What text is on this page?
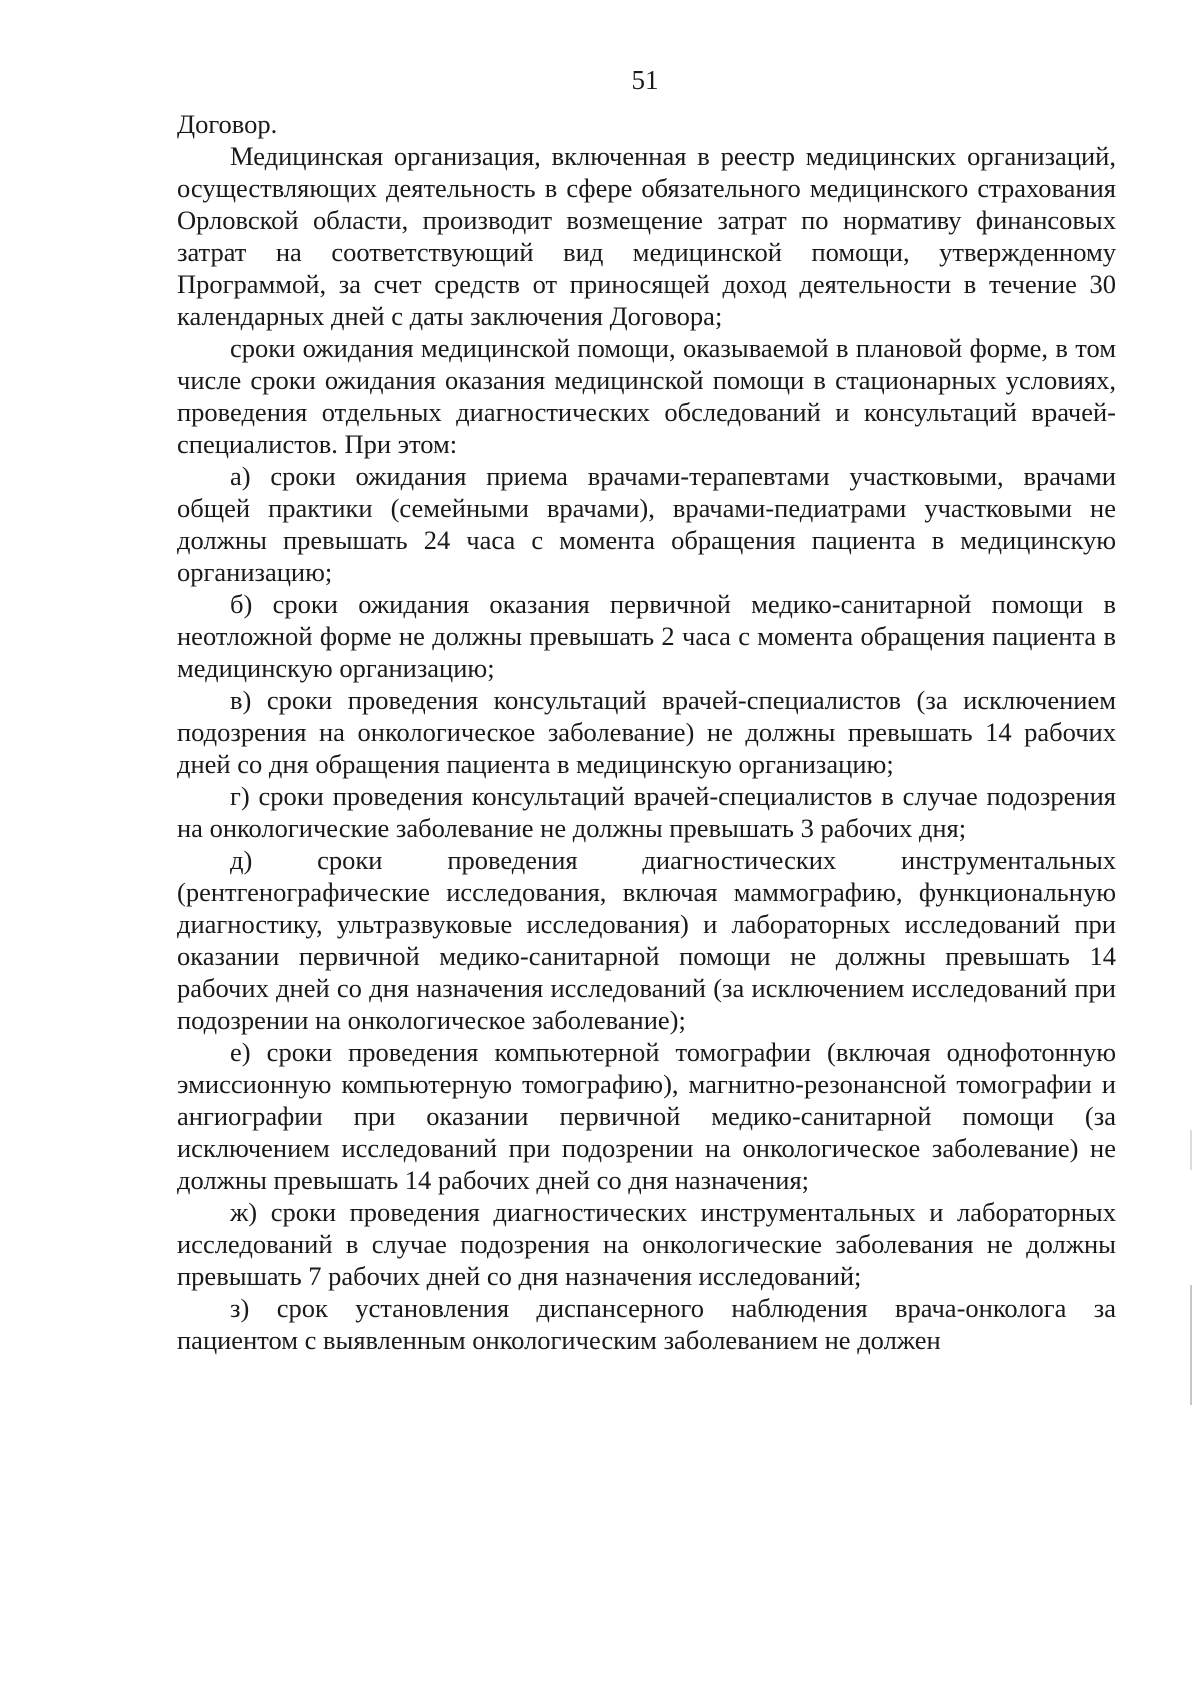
51

Договор.

Медицинская организация, включенная в реестр медицинских организаций, осуществляющих деятельность в сфере обязательного медицинского страхования Орловской области, производит возмещение затрат по нормативу финансовых затрат на соответствующий вид медицинской помощи, утвержденному Программой, за счет средств от приносящей доход деятельности в течение 30 календарных дней с даты заключения Договора;

сроки ожидания медицинской помощи, оказываемой в плановой форме, в том числе сроки ожидания оказания медицинской помощи в стационарных условиях, проведения отдельных диагностических обследований и консультаций врачей-специалистов. При этом:

а) сроки ожидания приема врачами-терапевтами участковыми, врачами общей практики (семейными врачами), врачами-педиатрами участковыми не должны превышать 24 часа с момента обращения пациента в медицинскую организацию;

б) сроки ожидания оказания первичной медико-санитарной помощи в неотложной форме не должны превышать 2 часа с момента обращения пациента в медицинскую организацию;

в) сроки проведения консультаций врачей-специалистов (за исключением подозрения на онкологическое заболевание) не должны превышать 14 рабочих дней со дня обращения пациента в медицинскую организацию;

г) сроки проведения консультаций врачей-специалистов в случае подозрения на онкологические заболевание не должны превышать 3 рабочих дня;

д) сроки проведения диагностических инструментальных (рентгенографические исследования, включая маммографию, функциональную диагностику, ультразвуковые исследования) и лабораторных исследований при оказании первичной медико-санитарной помощи не должны превышать 14 рабочих дней со дня назначения исследований (за исключением исследований при подозрении на онкологическое заболевание);

е) сроки проведения компьютерной томографии (включая однофотонную эмиссионную компьютерную томографию), магнитно-резонансной томографии и ангиографии при оказании первичной медико-санитарной помощи (за исключением исследований при подозрении на онкологическое заболевание) не должны превышать 14 рабочих дней со дня назначения;

ж) сроки проведения диагностических инструментальных и лабораторных исследований в случае подозрения на онкологические заболевания не должны превышать 7 рабочих дней со дня назначения исследований;

з) срок установления диспансерного наблюдения врача-онколога за пациентом с выявленным онкологическим заболеванием не должен
